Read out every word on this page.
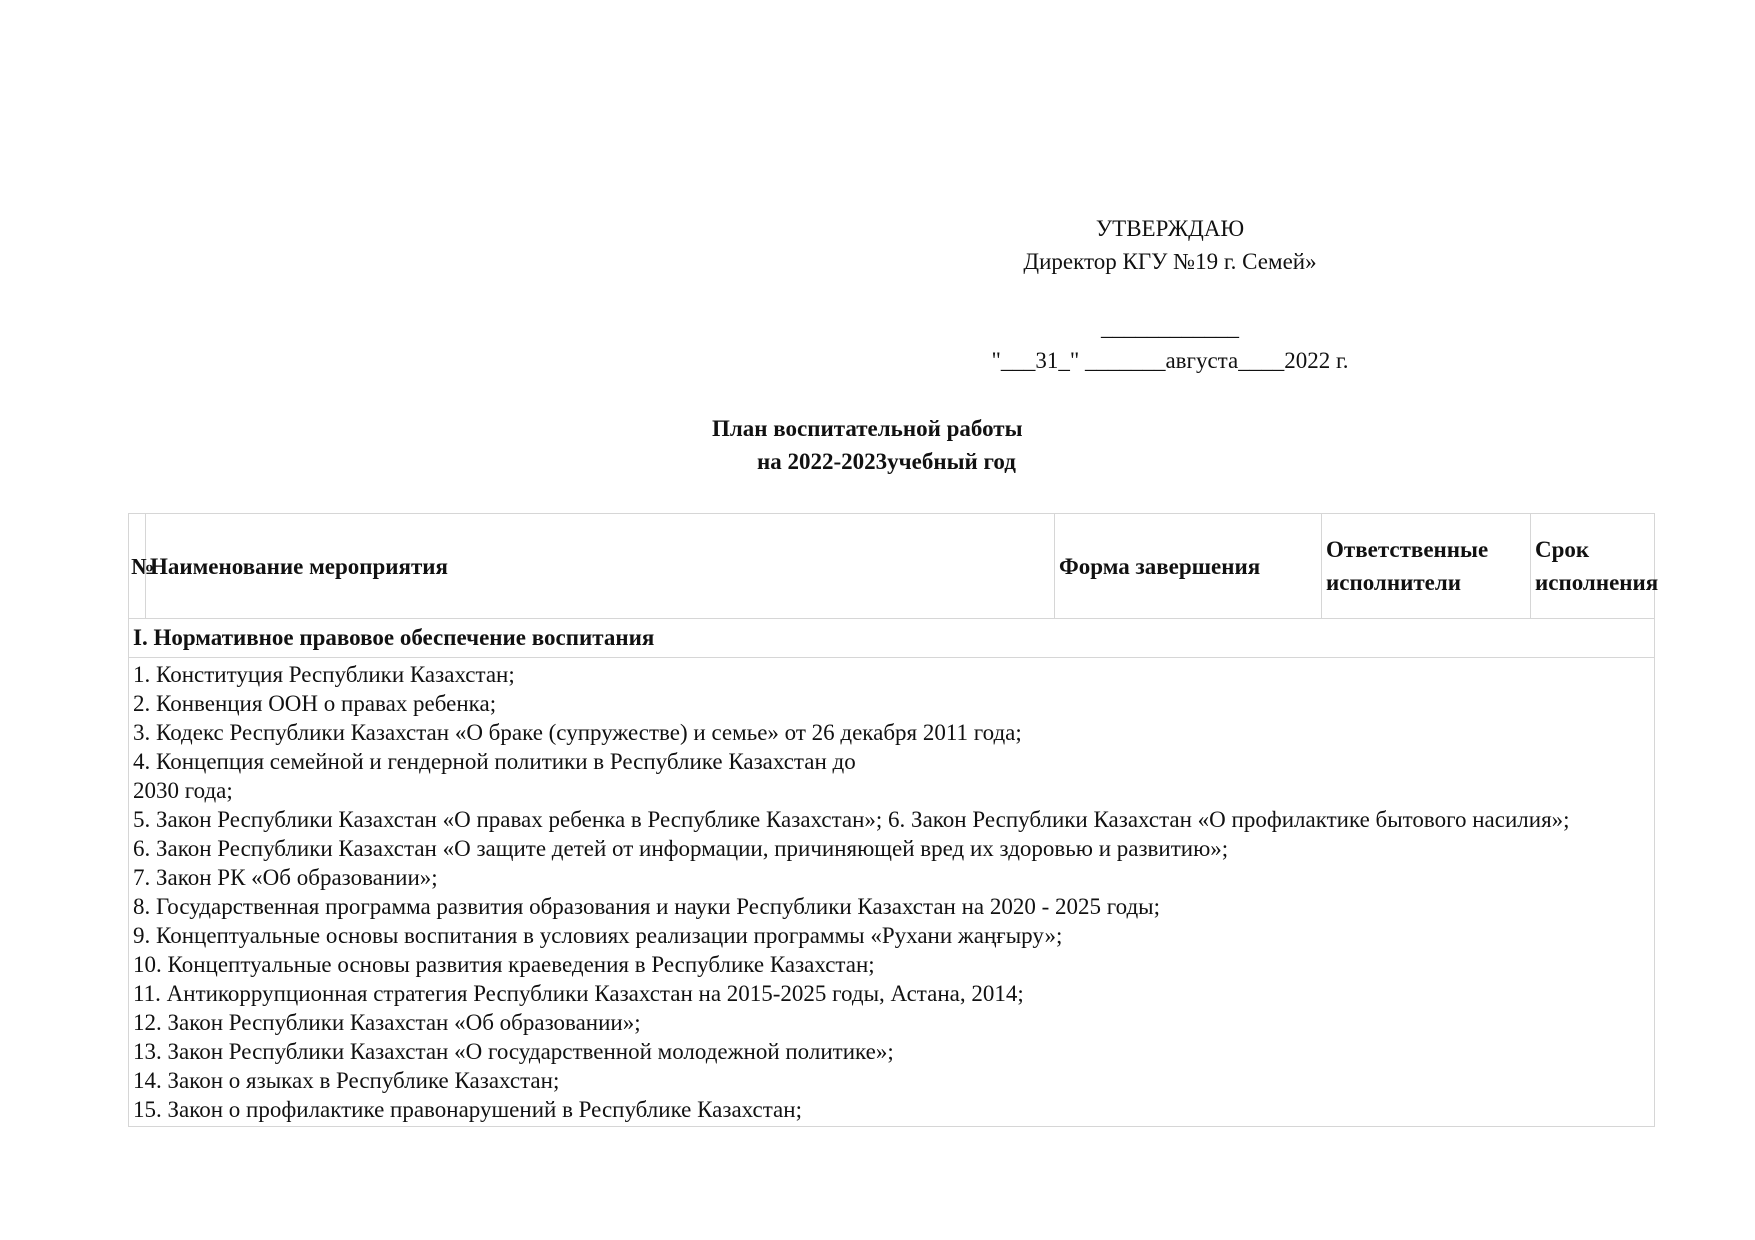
УТВЕРЖДАЮ
Директор КГУ №19 г. Семей»
____________
"___31_" _______августа____2022 г.
План воспитательной работы
на 2022-2023учебный год
№	Наименование мероприятия	Форма завершения	Ответственные исполнители	Срок исполнения
I. Нормативное правовое обеспечение воспитания

1. Конституция Республики Казахстан;
2. Конвенция ООН о правах ребенка;
3. Кодекс Республики Казахстан «О браке (супружестве) и семье» от 26 декабря 2011 года;
4. Концепция семейной и гендерной политики в Республике Казахстан до
2030 года;
5. Закон Республики Казахстан «О правах ребенка в Республике Казахстан»; 6. Закон Республики Казахстан «О профилактике бытового насилия»;
6. Закон Республики Казахстан «О защите детей от информации, причиняющей вред их здоровью и развитию»;
7. Закон РК «Об образовании»;
8. Государственная программа развития образования и науки Республики Казахстан на 2020 - 2025 годы;
9. Концептуальные основы воспитания в условиях реализации программы «Рухани жаңғыру»;
10. Концептуальные основы развития краеведения в Республике Казахстан;
11. Антикоррупционная стратегия Республики Казахстан на 2015-2025 годы, Астана, 2014;
12. Закон Республики Казахстан «Об образовании»;
13. Закон Республики Казахстан «О государственной молодежной политике»;
14. Закон о языках в Республике Казахстан;
15. Закон о профилактике правонарушений в Республике Казахстан;
